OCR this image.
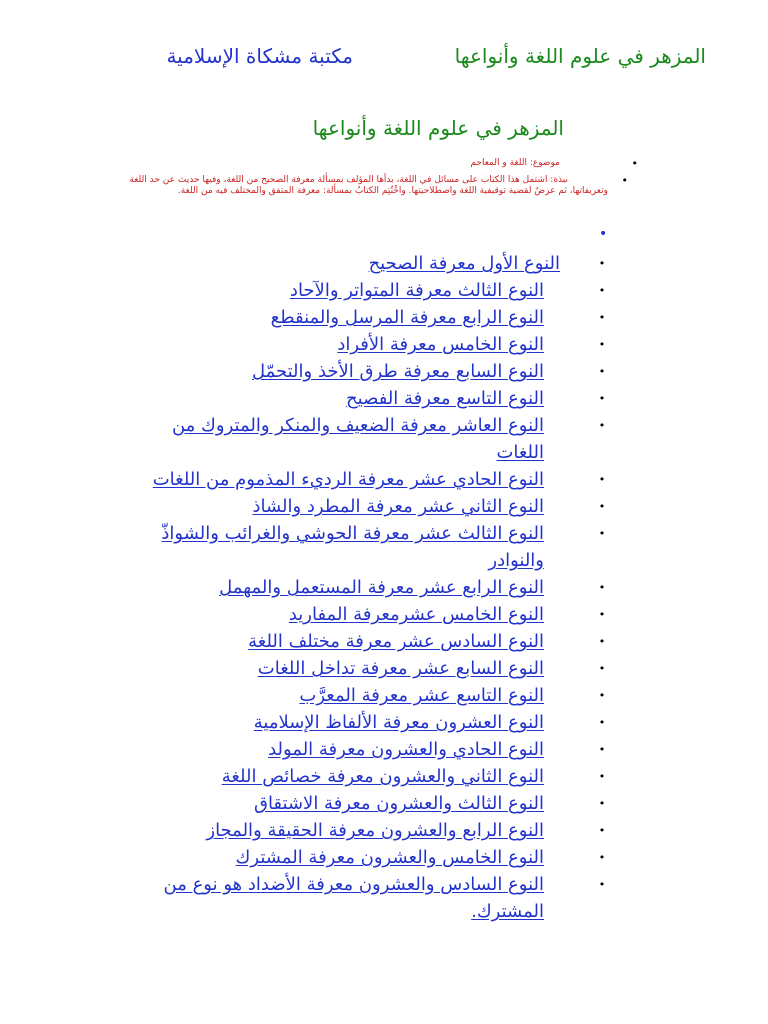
المزهر في علوم اللغة وأنواعها
مكتبة مشكاة الإسلامية
المزهر في علوم اللغة وأنواعها
•
موضوع: اللغة و المعاجم
•
نبذة: اشتمل هذا الكتاب على مسائل في اللغة، بدأها المؤلف بمسألة معرفة الصحيح من اللغة، وفيها حديث عن حد اللغة وتعريفاتها، ثم عرضٌ لقضية توقيفية اللغة واصطلاحيتها. واخْتُتِم الكتابُ بمسألة: معرفة المتفق والمختلف فيه من اللغة.
•
•
النوع الأول معرفة الصحيح
•
النوع الثالث معرفة المتواتر والآحاد
•
النوع الرابع معرفة المرسل والمنقطع
•
النوع الخامس معرفة الأفراد
•
النوع السابع معرفة طرق الأخذ والتحمّل
•
النوع التاسع معرفة الفصيح
•
النوع العاشر معرفة الضعيف والمنكر والمتروك من اللغات
•
النوع الحادي عشر معرفة الرديء المذموم من اللغات
•
النوع الثاني عشر معرفة المطرد والشاذ
•
النوع الثالث عشر معرفة الحوشي والغرائب والشواذّ والنوادر
•
النوع الرابع عشر معرفة المستعمل والمهمل
•
النوع الخامس عشرمعرفة المفاريد
•
النوع السادس عشر معرفة مختلف اللغة
•
النوع السابع عشر معرفة تداخل اللغات
•
النوع التاسع عشر معرفة المعرَّب
•
النوع العشرون معرفة الألفاظ الإسلامية
•
النوع الحادي والعشرون معرفة المولد
•
النوع الثاني والعشرون معرفة خصائص اللغة
•
النوع الثالث والعشرون معرفة الاشتقاق
•
النوع الرابع والعشرون معرفة الحقيقة والمجاز
•
النوع الخامس والعشرون معرفة المشترك
•
النوع السادس والعشرون معرفة الأضداد هو نوع من المشترك.
